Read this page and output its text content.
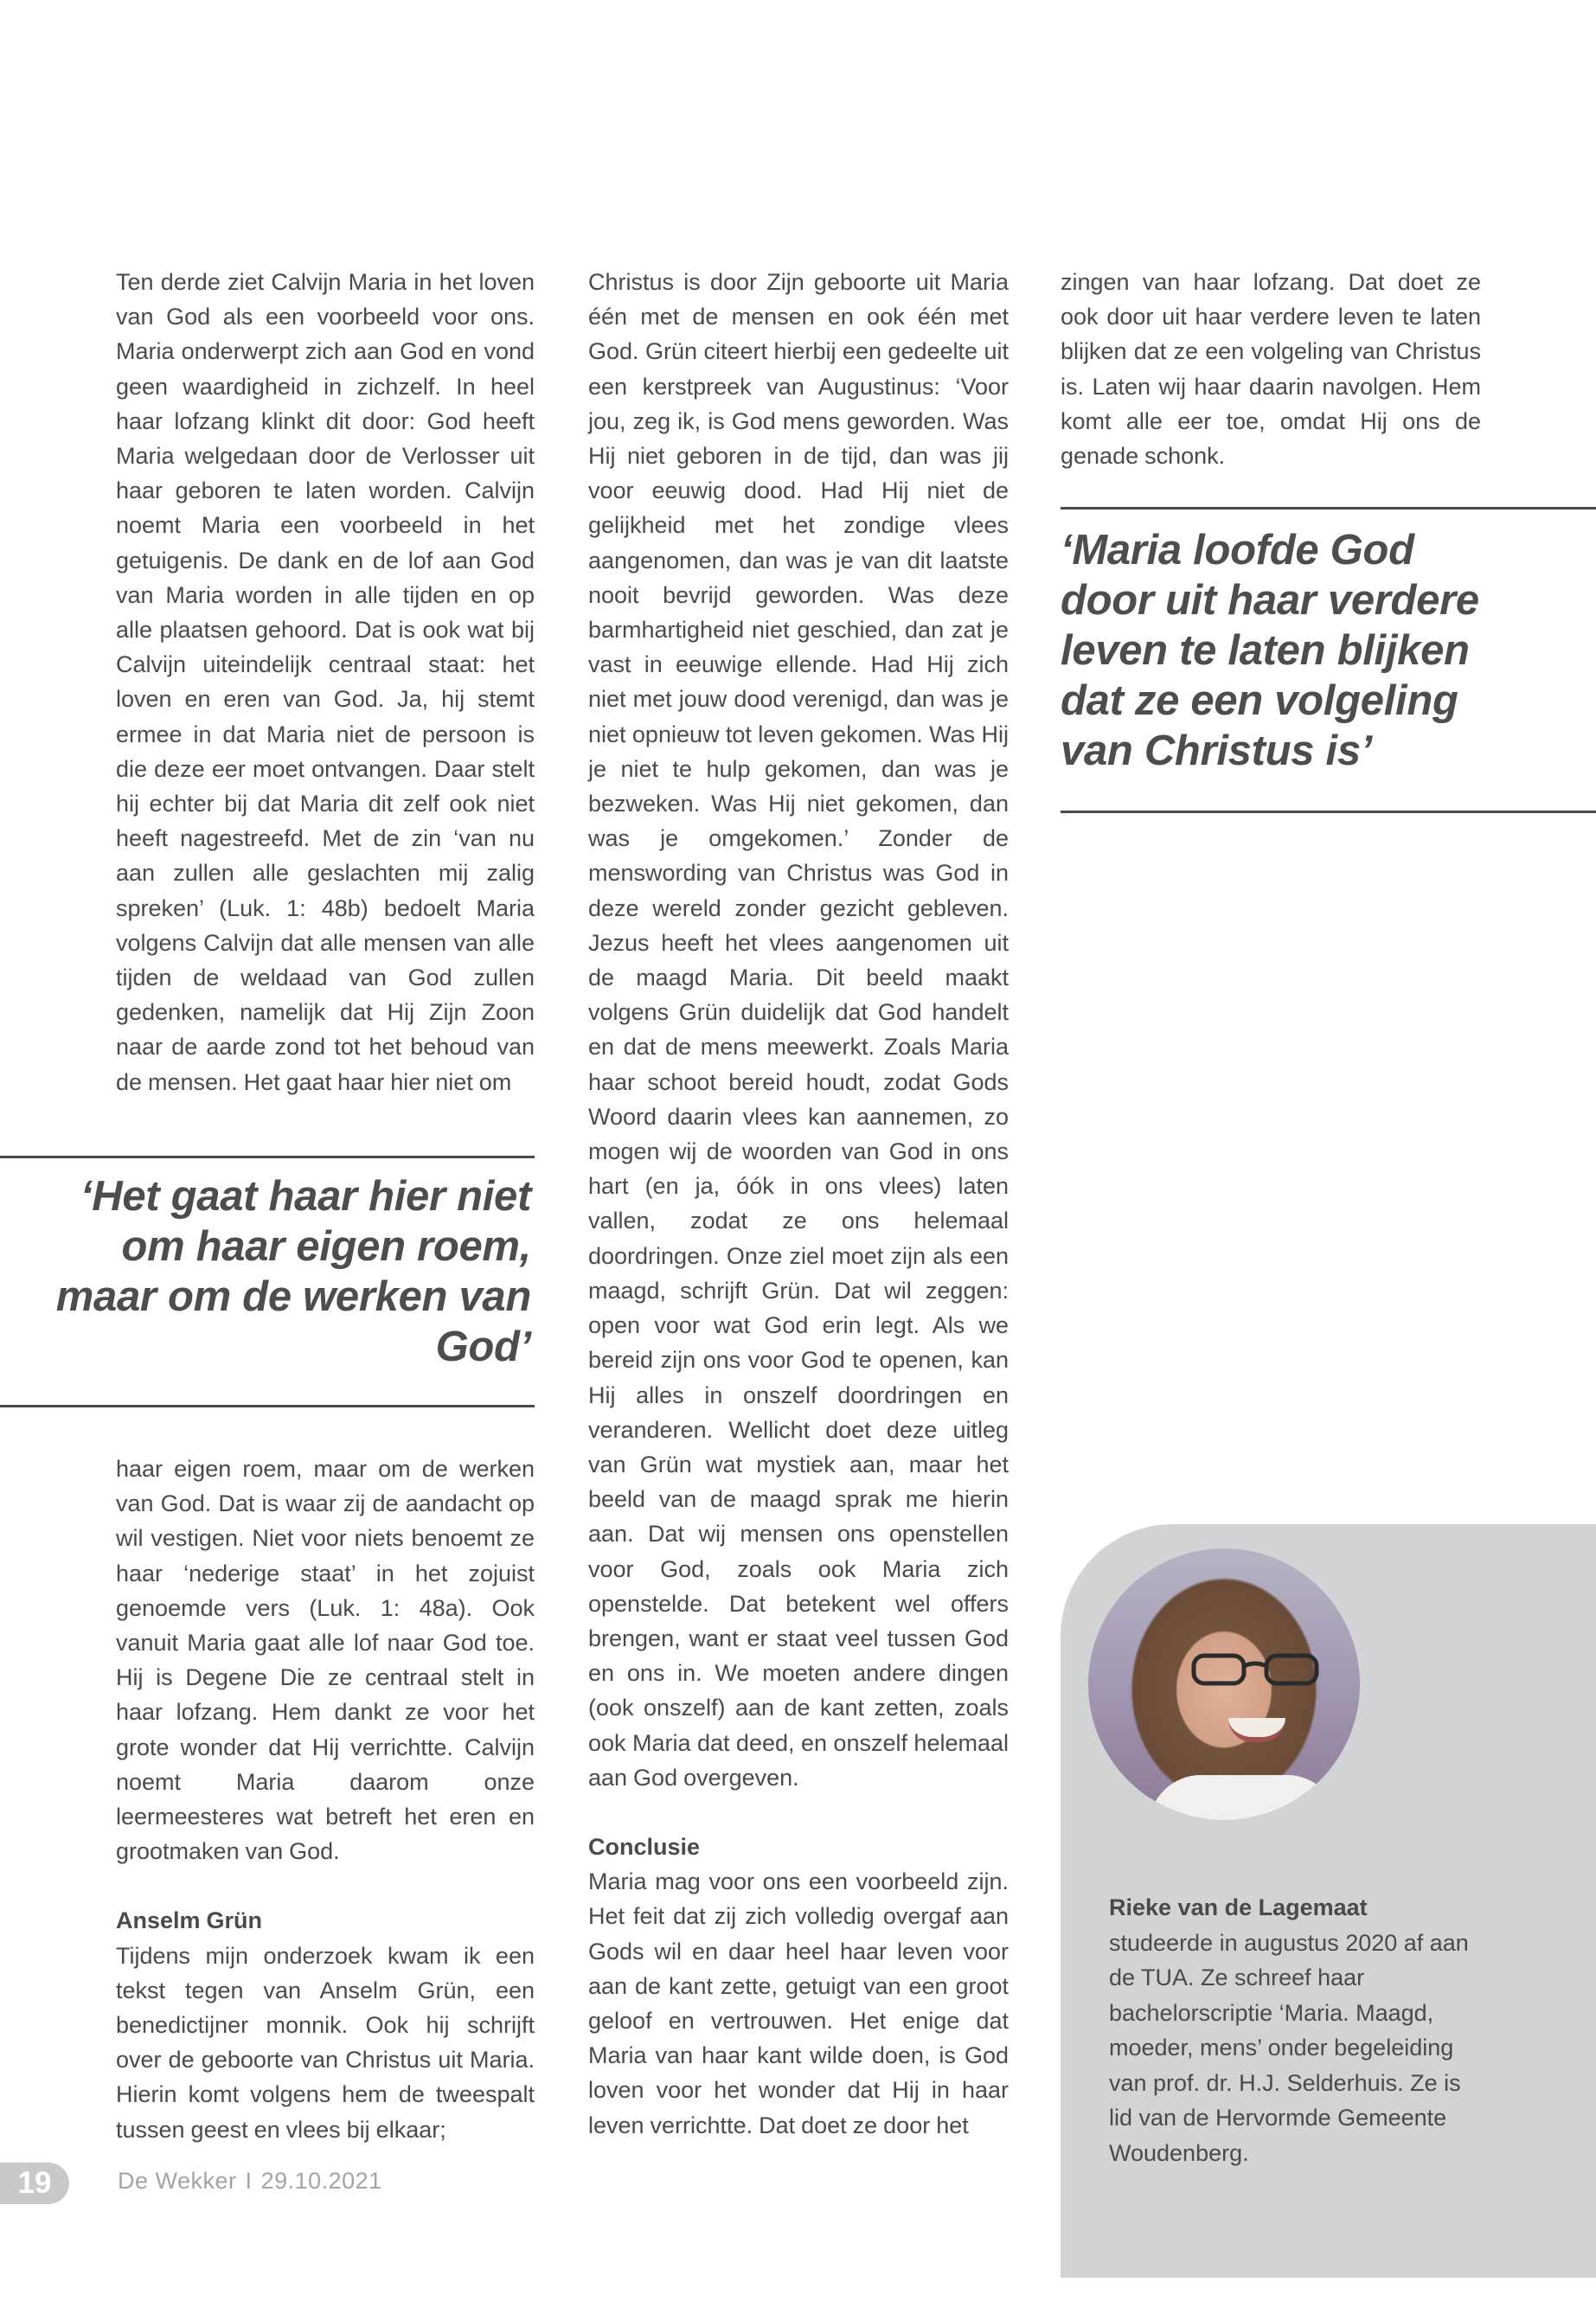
Ten derde ziet Calvijn Maria in het loven van God als een voorbeeld voor ons. Maria onderwerpt zich aan God en vond geen waardigheid in zichzelf. In heel haar lofzang klinkt dit door: God heeft Maria welgedaan door de Verlosser uit haar geboren te laten worden. Calvijn noemt Maria een voorbeeld in het getuigenis. De dank en de lof aan God van Maria worden in alle tijden en op alle plaatsen gehoord. Dat is ook wat bij Calvijn uiteindelijk centraal staat: het loven en eren van God. Ja, hij stemt ermee in dat Maria niet de persoon is die deze eer moet ontvangen. Daar stelt hij echter bij dat Maria dit zelf ook niet heeft nagestreefd. Met de zin ‘van nu aan zullen alle geslachten mij zalig spreken’ (Luk. 1: 48b) bedoelt Maria volgens Calvijn dat alle mensen van alle tijden de weldaad van God zullen gedenken, namelijk dat Hij Zijn Zoon naar de aarde zond tot het behoud van de mensen. Het gaat haar hier niet om

‘Het gaat haar hier niet om haar eigen roem, maar om de werken van God’

haar eigen roem, maar om de werken van God. Dat is waar zij de aandacht op wil vestigen. Niet voor niets benoemt ze haar ‘nederige staat’ in het zojuist genoemde vers (Luk. 1: 48a). Ook vanuit Maria gaat alle lof naar God toe. Hij is Degene Die ze centraal stelt in haar lofzang. Hem dankt ze voor het grote wonder dat Hij verrichtte. Calvijn noemt Maria daarom onze leermeesteres wat betreft het eren en grootmaken van God.

Anselm Grün

Tijdens mijn onderzoek kwam ik een tekst tegen van Anselm Grün, een benedictijner monnik. Ook hij schrijft over de geboorte van Christus uit Maria. Hierin komt volgens hem de tweespalt tussen geest en vlees bij elkaar;

Christus is door Zijn geboorte uit Maria één met de mensen en ook één met God. Grün citeert hierbij een gedeelte uit een kerstpreek van Augustinus: ‘Voor jou, zeg ik, is God mens geworden. Was Hij niet geboren in de tijd, dan was jij voor eeuwig dood. Had Hij niet de gelijkheid met het zondige vlees aangenomen, dan was je van dit laatste nooit bevrijd geworden. Was deze barmhartigheid niet geschied, dan zat je vast in eeuwige ellende. Had Hij zich niet met jouw dood verenigd, dan was je niet opnieuw tot leven gekomen. Was Hij je niet te hulp gekomen, dan was je bezweken. Was Hij niet gekomen, dan was je omgekomen.’ Zonder de menswording van Christus was God in deze wereld zonder gezicht gebleven. Jezus heeft het vlees aangenomen uit de maagd Maria. Dit beeld maakt volgens Grün duidelijk dat God handelt en dat de mens meewerkt. Zoals Maria haar schoot bereid houdt, zodat Gods Woord daarin vlees kan aannemen, zo mogen wij de woorden van God in ons hart (en ja, óók in ons vlees) laten vallen, zodat ze ons helemaal doordringen. Onze ziel moet zijn als een maagd, schrijft Grün. Dat wil zeggen: open voor wat God erin legt. Als we bereid zijn ons voor God te openen, kan Hij alles in onszelf doordringen en veranderen. Wellicht doet deze uitleg van Grün wat mystiek aan, maar het beeld van de maagd sprak me hierin aan. Dat wij mensen ons openstellen voor God, zoals ook Maria zich openstelde. Dat betekent wel offers brengen, want er staat veel tussen God en ons in. We moeten andere dingen (ook onszelf) aan de kant zetten, zoals ook Maria dat deed, en onszelf helemaal aan God overgeven.

Conclusie

Maria mag voor ons een voorbeeld zijn. Het feit dat zij zich volledig overgaf aan Gods wil en daar heel haar leven voor aan de kant zette, getuigt van een groot geloof en vertrouwen. Het enige dat Maria van haar kant wilde doen, is God loven voor het wonder dat Hij in haar leven verrichtte. Dat doet ze door het

zingen van haar lofzang. Dat doet ze ook door uit haar verdere leven te laten blijken dat ze een volgeling van Christus is. Laten wij haar daarin navolgen. Hem komt alle eer toe, omdat Hij ons de genade schonk.

‘Maria loofde God door uit haar verdere leven te laten blijken dat ze een volgeling van Christus is’
Rieke van de Lagemaat
studeerde in augustus 2020 af aan de TUA. Ze schreef haar bachelorscriptie ‘Maria. Maagd, moeder, mens’ onder begeleiding van prof. dr. H.J. Selderhuis. Ze is lid van de Hervormde Gemeente Woudenberg.
19	De Wekker I 29.10.2021
